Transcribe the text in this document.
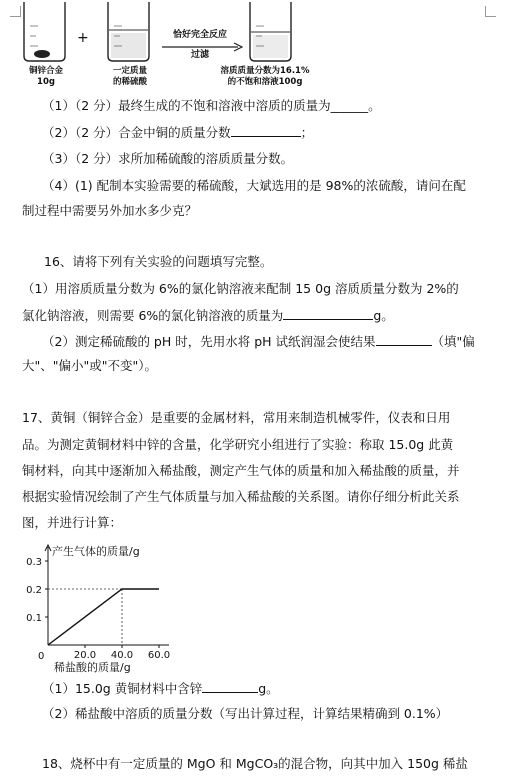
铜锌合金
10g
+
一定质量
的稀硫酸
恰好完全反应
过滤
溶质质量分数为16.1%
的不饱和溶液100g
（1）（2 分）最终生成的不饱和溶液中溶质的质量为______。
（2）（2 分）合金中铜的质量分数	；
（3）（2 分）求所加稀硫酸的溶质质量分数。
（4）(1) 配制本实验需要的稀硫酸，大斌选用的是 98%的浓硫酸，请问在配
制过程中需要另外加水多少克？
16、请将下列有关实验的问题填写完整。
（1）用溶质质量分数为 6%的氯化钠溶液来配制 15 0g 溶质质量分数为 2%的
氯化钠溶液，则需要 6%的氯化钠溶液的质量为	g。
（2）测定稀硫酸的 pH 时，先用水将 pH 试纸润湿会使结果	（填"偏
大"、"偏小"或"不变"）。
17、黄铜（铜锌合金）是重要的金属材料，常用来制造机械零件，仪表和日用
品。为测定黄铜材料中锌的含量，化学研究小组进行了实验：称取 15.0g 此黄
铜材料，向其中逐渐加入稀盐酸，测定产生气体的质量和加入稀盐酸的质量，并
根据实验情况绘制了产生气体质量与加入稀盐酸的关系图。请你仔细分析此关系
图，并进行计算：
产生气体的质量/g
稀盐酸的质量/g
0
0.1
0.2
0.3
20.0 40.0 60.0
（1）15.0g 黄铜材料中含锌	g。
（2）稀盐酸中溶质的质量分数（写出计算过程，计算结果精确到 0.1%）
18、烧杯中有一定质量的 MgO 和 MgCO₃的混合物，向其中加入 150g 稀盐
